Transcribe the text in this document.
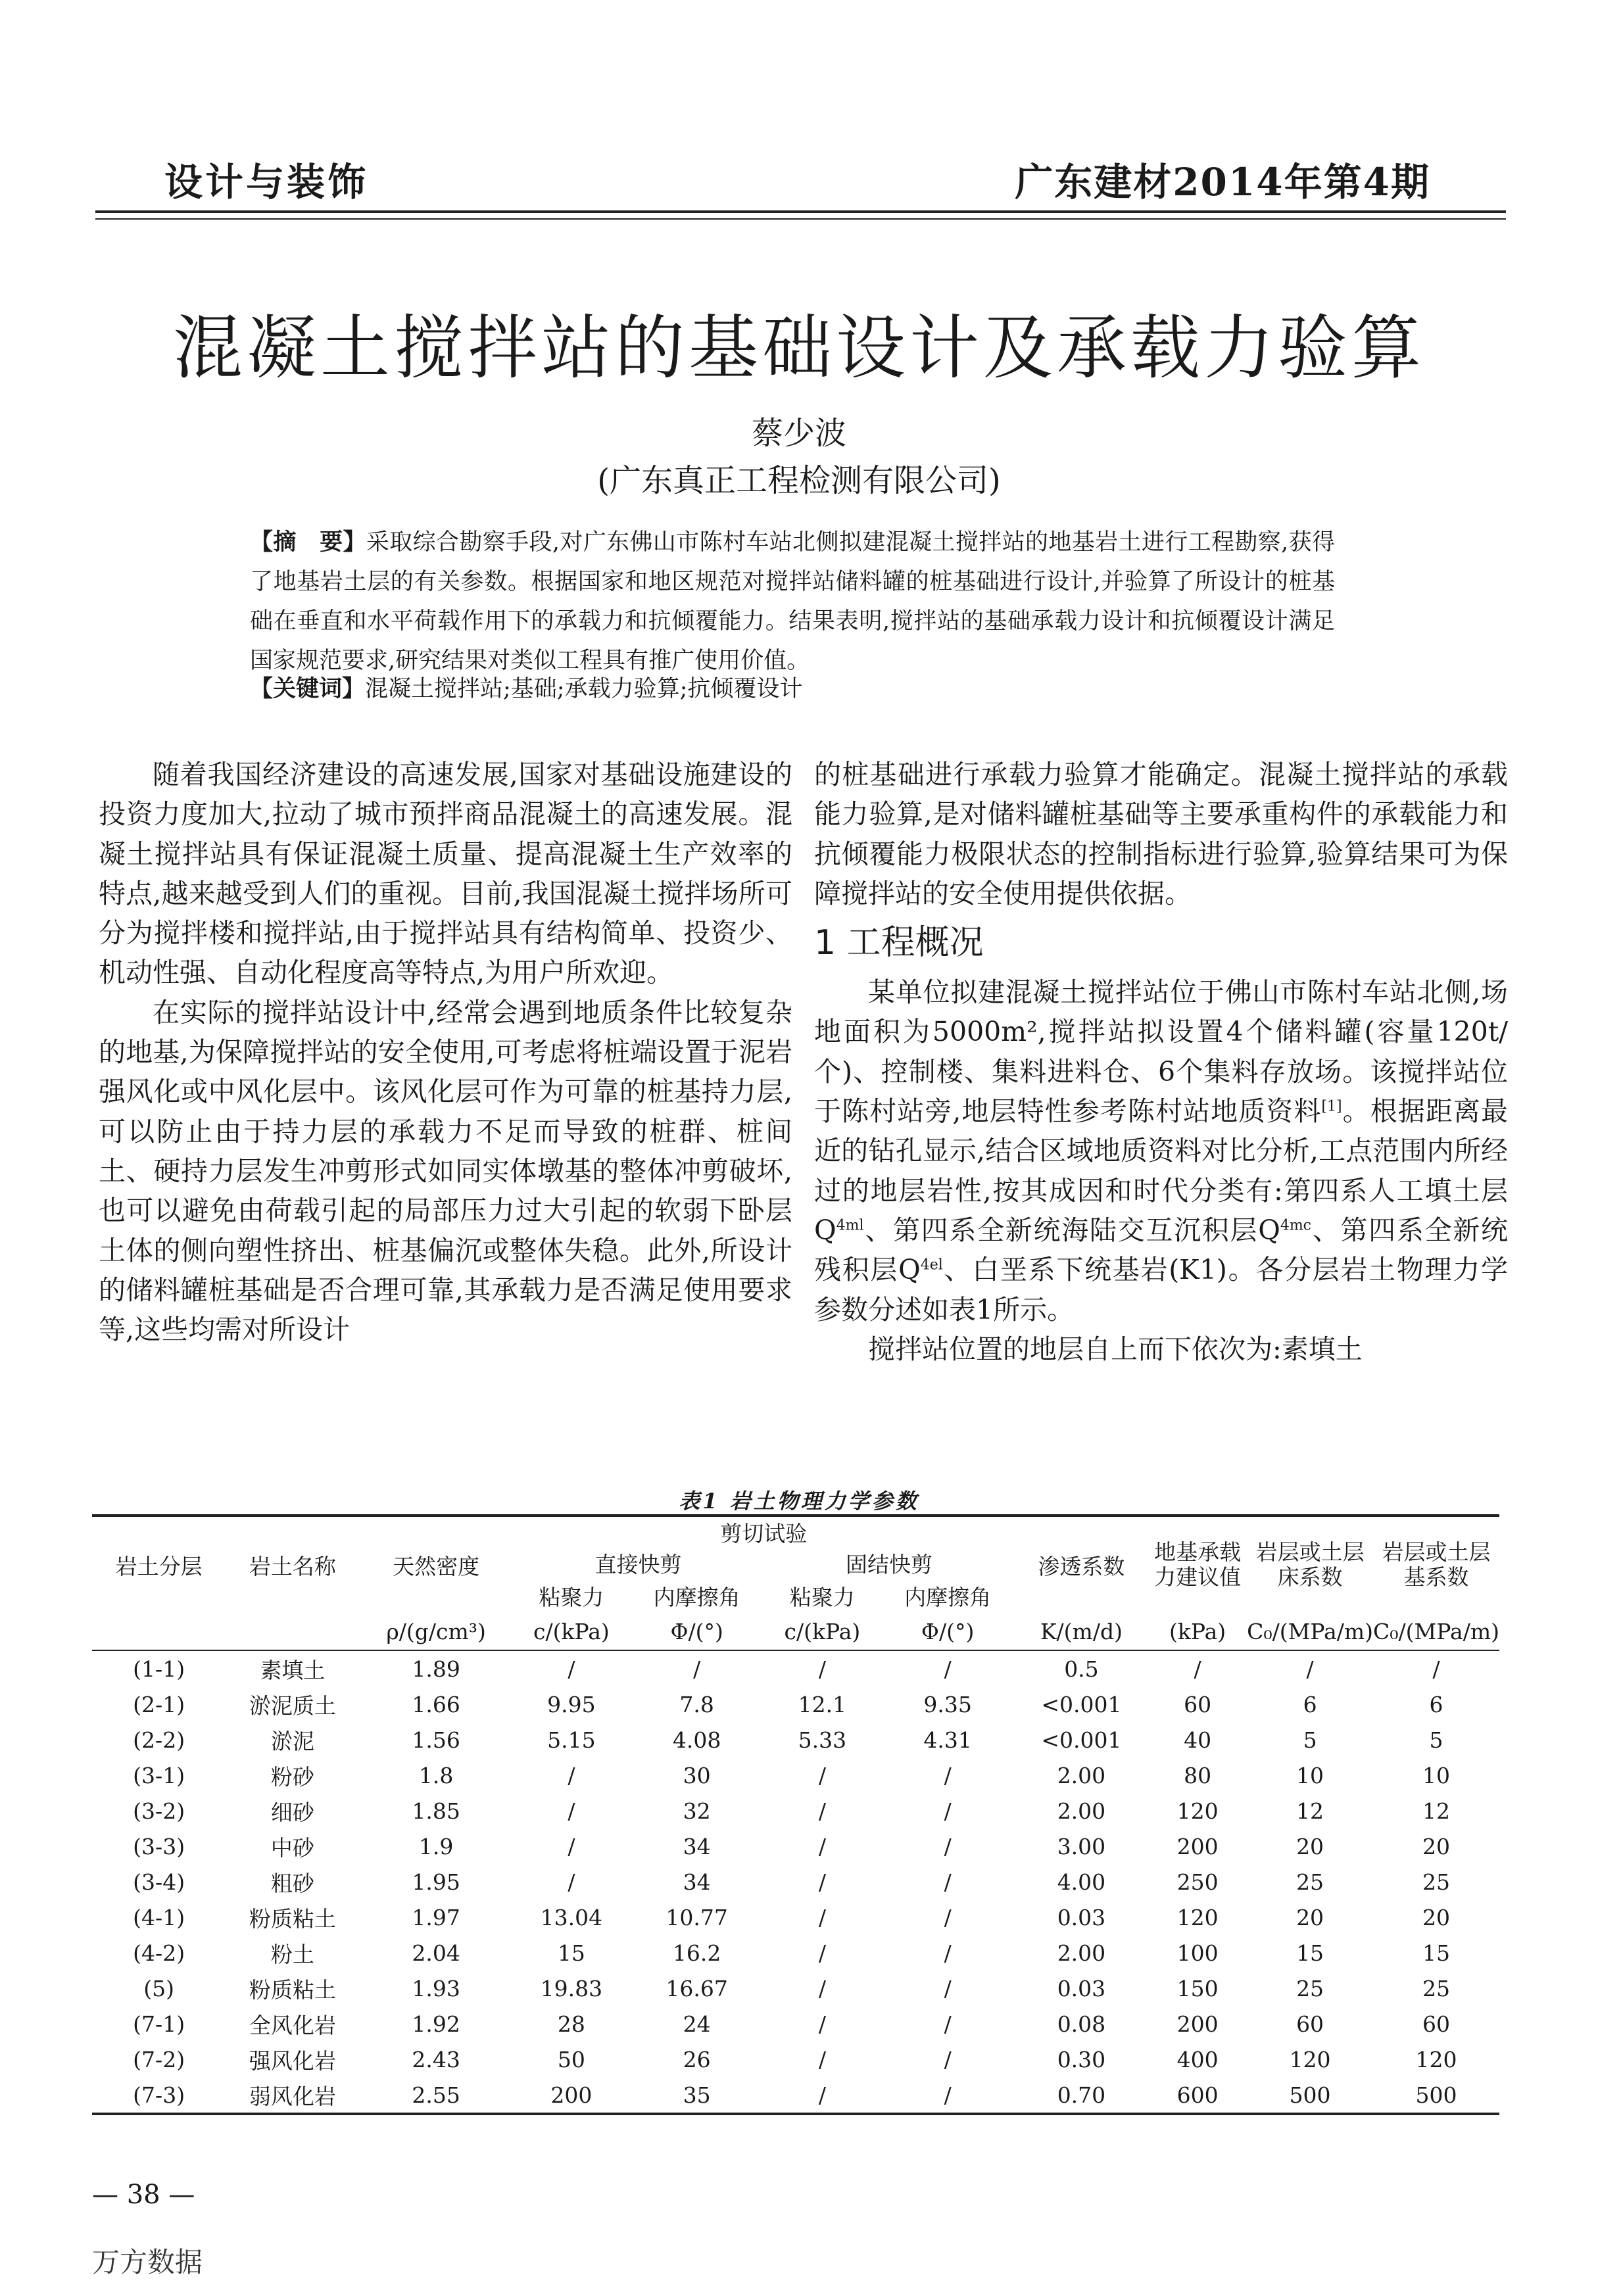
设计与装饰	广东建材2014年第4期
混凝土搅拌站的基础设计及承载力验算
蔡少波
(广东真正工程检测有限公司)
【摘　要】采取综合勘察手段,对广东佛山市陈村车站北侧拟建混凝土搅拌站的地基岩土进行工程勘察,获得了地基岩土层的有关参数。根据国家和地区规范对搅拌站储料罐的桩基础进行设计,并验算了所设计的桩基础在垂直和水平荷载作用下的承载力和抗倾覆能力。结果表明,搅拌站的基础承载力设计和抗倾覆设计满足国家规范要求,研究结果对类似工程具有推广使用价值。
【关键词】混凝土搅拌站;基础;承载力验算;抗倾覆设计

随着我国经济建设的高速发展,国家对基础设施建设的投资力度加大,拉动了城市预拌商品混凝土的高速发展。混凝土搅拌站具有保证混凝土质量、提高混凝土生产效率的特点,越来越受到人们的重视。目前,我国混凝土搅拌场所可分为搅拌楼和搅拌站,由于搅拌站具有结构简单、投资少、机动性强、自动化程度高等特点,为用户所欢迎。

在实际的搅拌站设计中,经常会遇到地质条件比较复杂的地基,为保障搅拌站的安全使用,可考虑将桩端设置于泥岩强风化或中风化层中。该风化层可作为可靠的桩基持力层,可以防止由于持力层的承载力不足而导致的桩群、桩间土、硬持力层发生冲剪形式如同实体墩基的整体冲剪破坏,也可以避免由荷载引起的局部压力过大引起的软弱下卧层土体的侧向塑性挤出、桩基偏沉或整体失稳。此外,所设计的储料罐桩基础是否合理可靠,其承载力是否满足使用要求等,这些均需对所设计

的桩基础进行承载力验算才能确定。混凝土搅拌站的承载能力验算,是对储料罐桩基础等主要承重构件的承载能力和抗倾覆能力极限状态的控制指标进行验算,验算结果可为保障搅拌站的安全使用提供依据。

1 工程概况

某单位拟建混凝土搅拌站位于佛山市陈村车站北侧,场地面积为5000m²,搅拌站拟设置4个储料罐(容量120t/个)、控制楼、集料进料仓、6个集料存放场。该搅拌站位于陈村站旁,地层特性参考陈村站地质资料[1]。根据距离最近的钻孔显示,结合区域地质资料对比分析,工点范围内所经过的地层岩性,按其成因和时代分类有:第四系人工填土层$Q^{4ml}$、第四系全新统海陆交互沉积层$Q^{4mc}$、第四系全新统残积层$Q^{4el}$、白垩系下统基岩(K1)。各分层岩土物理力学参数分述如表1所示。

搅拌站位置的地层自上而下依次为:素填土

表1 岩土物理力学参数
岩土分层	岩土名称	天然密度	剪切试验				渗透系数	地基承载力建议值	岩层或土层床系数	岩层或土层基系数
			直接快剪		固结快剪					
			粘聚力	内摩擦角	粘聚力	内摩擦角				
		ρ/(g/cm³)	c/(kPa)	Φ/(°)	c/(kPa)	Φ/(°)	K/(m/d)	(kPa)	C₀/(MPa/m)	C₀/(MPa/m)
(1-1)	素填土	1.89	/	/	/	/	0.5	/	/	/
(2-1)	淤泥质土	1.66	9.95	7.8	12.1	9.35	<0.001	60	6	6
(2-2)	淤泥	1.56	5.15	4.08	5.33	4.31	<0.001	40	5	5
(3-1)	粉砂	1.8	/	30	/	/	2.00	80	10	10
(3-2)	细砂	1.85	/	32	/	/	2.00	120	12	12
(3-3)	中砂	1.9	/	34	/	/	3.00	200	20	20
(3-4)	粗砂	1.95	/	34	/	/	4.00	250	25	25
(4-1)	粉质粘土	1.97	13.04	10.77	/	/	0.03	120	20	20
(4-2)	粉土	2.04	15	16.2	/	/	2.00	100	15	15
(5)	粉质粘土	1.93	19.83	16.67	/	/	0.03	150	25	25
(7-1)	全风化岩	1.92	28	24	/	/	0.08	200	60	60
(7-2)	强风化岩	2.43	50	26	/	/	0.30	400	120	120
(7-3)	弱风化岩	2.55	200	35	/	/	0.70	600	500	500
— 38 —
万方数据
